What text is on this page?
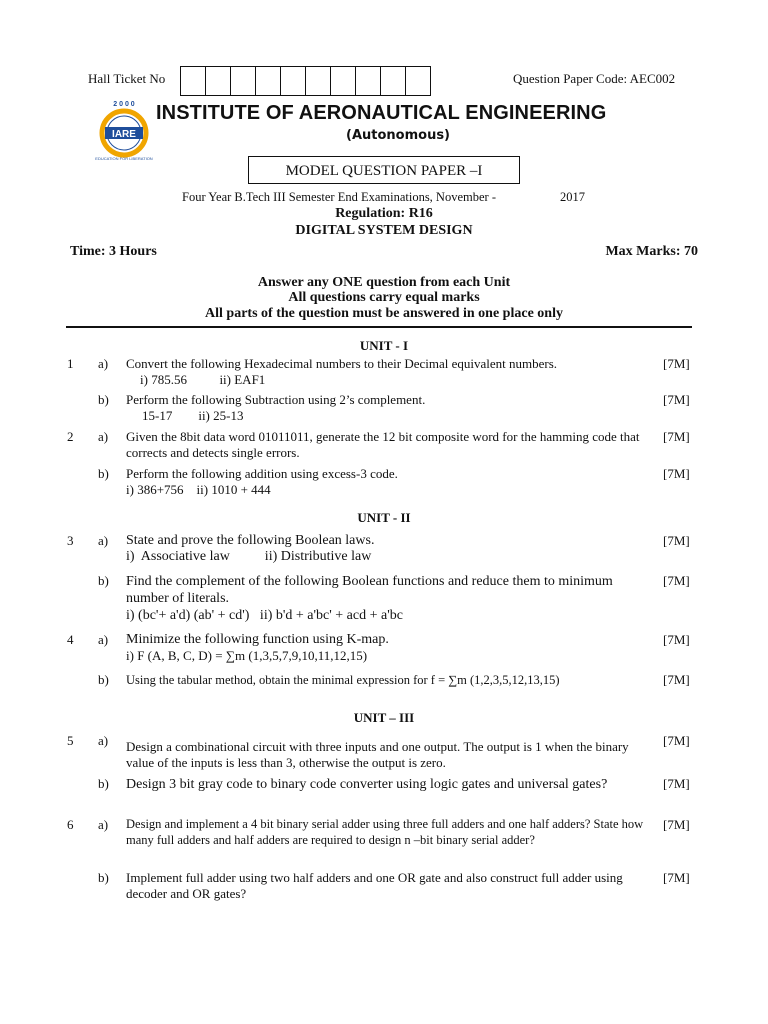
Hall Ticket No	Question Paper Code: AEC002
2 0 0 0
IARE
EDUCATION FOR LIBERATION
INSTITUTE OF AERONAUTICAL ENGINEERING
(Autonomous)
MODEL QUESTION PAPER –I
Four Year B.Tech III Semester End Examinations, November -	2017
Regulation: R16
DIGITAL SYSTEM DESIGN
Time: 3 Hours	Max Marks: 70
Answer any ONE question from each Unit
All questions carry equal marks
All parts of the question must be answered in one place only
UNIT - I
1 a) Convert the following Hexadecimal numbers to their Decimal equivalent numbers.
i) 785.56          ii) EAF1
[7M]
b) Perform the following Subtraction using 2’s complement.
15-17        ii) 25-13
[7M]
2 a) Given the 8bit data word 01011011, generate the 12 bit composite word for the hamming code that corrects and detects single errors.
[7M]
b) Perform the following addition using excess-3 code.
i) 386+756    ii) 1010 + 444
[7M]
UNIT - II
3 a) State and prove the following Boolean laws.
i)  Associative law          ii) Distributive law
[7M]
b) Find the complement of the following Boolean functions and reduce them to minimum number of literals.
i) (bc'+ a'd) (ab' + cd')   ii) b'd + a'bc' + acd + a'bc
[7M]
4 a) Minimize the following function using K-map.
i) F (A, B, C, D) = ∑m (1,3,5,7,9,10,11,12,15)
[7M]
b) Using the tabular method, obtain the minimal expression for f = ∑m (1,2,3,5,12,13,15)	[7M]
UNIT – III
5 a) Design a combinational circuit with three inputs and one output. The output is 1 when the binary value of the inputs is less than 3, otherwise the output is zero.
[7M]
b) Design 3 bit gray code to binary code converter using logic gates and universal gates?	[7M]
6 a) Design and implement a 4 bit binary serial adder using three full adders and one half adders? State how many full adders and half adders are required to design n –bit binary serial adder?
[7M]
b) Implement full adder using two half adders and one OR gate and also construct full adder using decoder and OR gates?
[7M]
